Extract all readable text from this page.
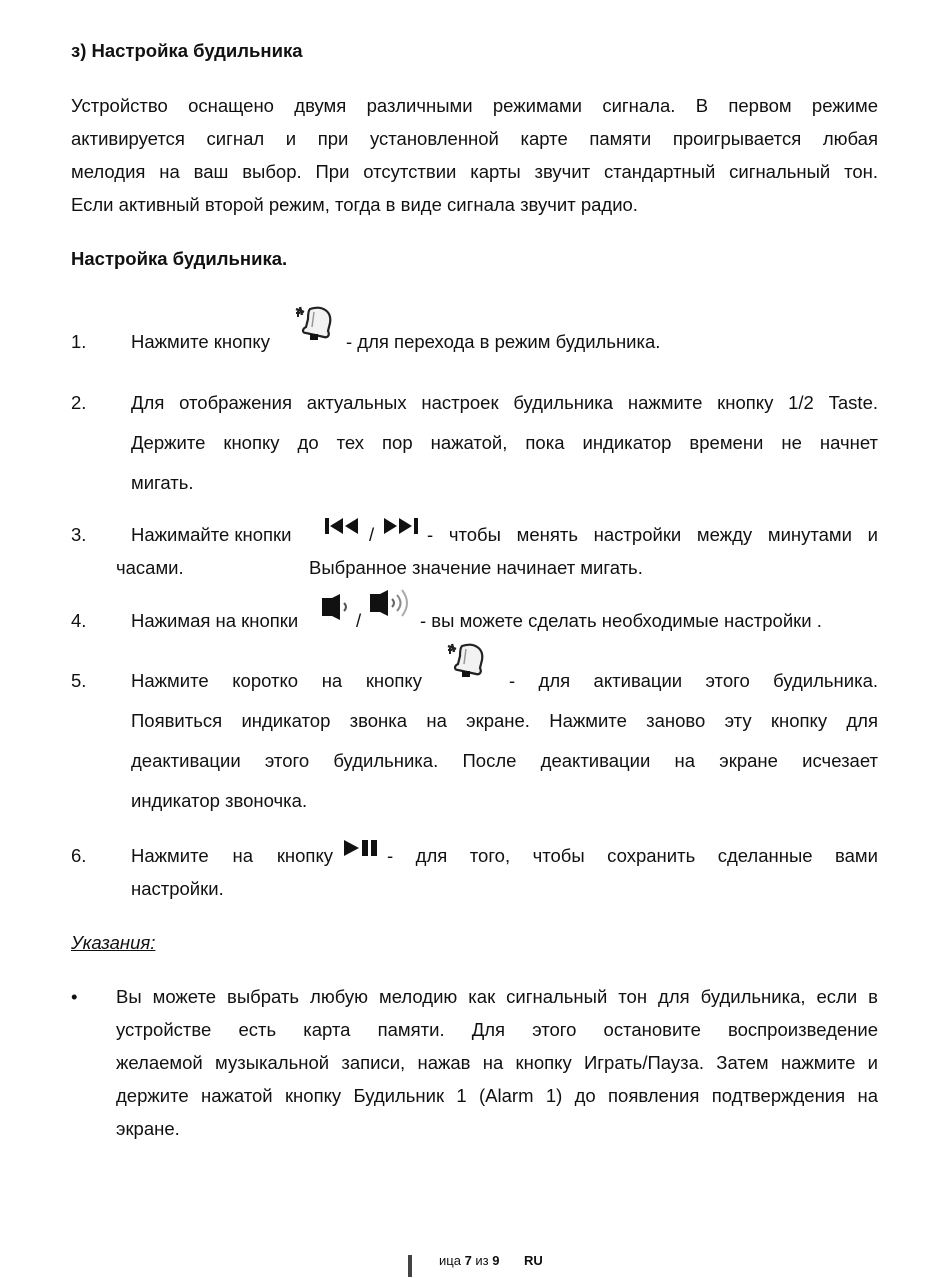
з) Настройка будильника
Устройство оснащено двумя различными режимами сигнала. В первом режиме
активируется сигнал и при установленной карте памяти проигрывается любая
мелодия на ваш выбор. При отсутствии карты звучит стандартный сигнальный тон.
Если активный второй режим, тогда в виде сигнала звучит радио.
Настройка будильника.
1. Нажмите кнопку	- для перехода в режим будильника.
2. Для отображения актуальных настроек будильника нажмите кнопку 1/2 Taste.
Держите кнопку до тех пор нажатой, пока индикатор времени не начнет
мигать.
3. Нажимайте кнопки	/	- чтобы менять настройки между минутами и
часами.	Выбранное значение начинает мигать.
4. Нажимая на кнопки	/	- вы можете сделать необходимые настройки .
5. Нажмите коротко на кнопку	- для активации этого будильника.
Появиться индикатор звонка на экране. Нажмите заново эту кнопку для
деактивации этого будильника. После деактивации на экране исчезает
индикатор звоночка.
6. Нажмите на кнопку	- для того, чтобы сохранить сделанные вами
настройки.
Указания:
• Вы можете выбрать любую мелодию как сигнальный тон для будильника, если в
устройстве есть карта памяти. Для этого остановите воспроизведение
желаемой музыкальной записи, нажав на кнопку Играть/Пауза. Затем нажмите и
держите нажатой кнопку Будильник 1 (Alarm 1) до появления подтверждения на
экране.
ица 7 из 9 RU
